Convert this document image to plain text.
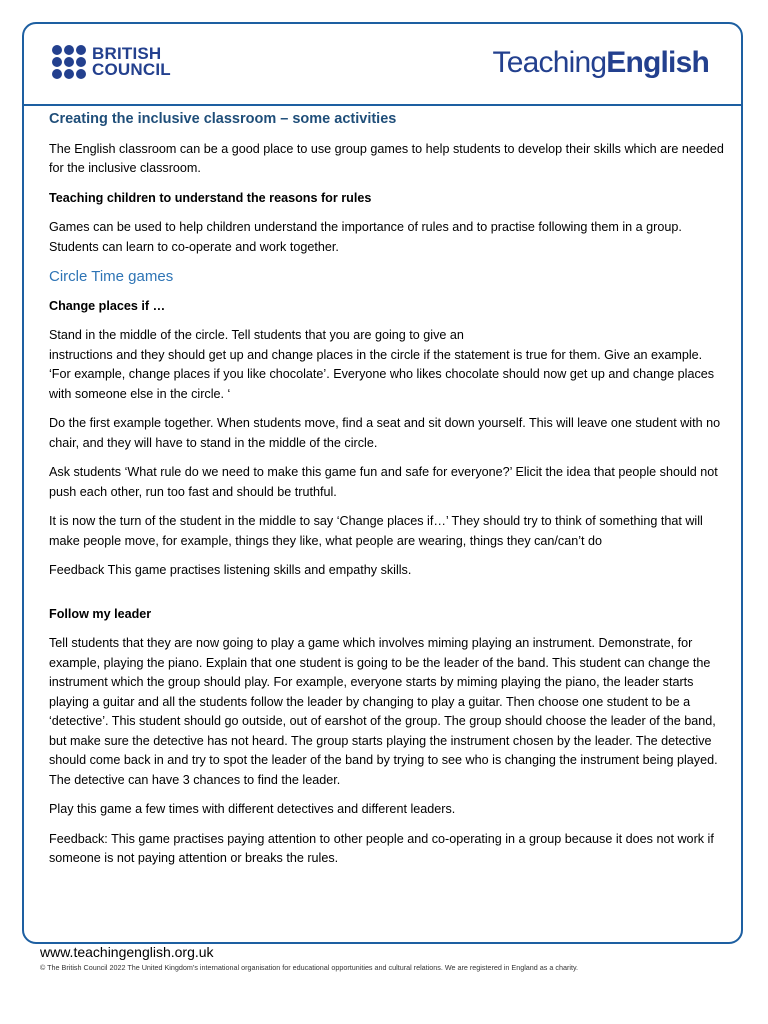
BRITISH
COUNCIL	TeachingEnglish

Creating the inclusive classroom – some activities

The English classroom can be a good place to use group games to help students to develop their skills which are needed for the inclusive classroom.

Teaching children to understand the reasons for rules

Games can be used to help children understand the importance of rules and to practise following them in a group. Students can learn to co-operate and work together.

Circle Time games

Change places if …

Stand in the middle of the circle. Tell students that you are going to give an
instructions and they should get up and change places in the circle if the statement is true for them. Give an example. ‘For example, change places if you like chocolate’. Everyone who likes chocolate should now get up and change places with someone else in the circle. ‘

Do the first example together. When students move, find a seat and sit down yourself. This will leave one student with no chair, and they will have to stand in the middle of the circle.

Ask students ‘What rule do we need to make this game fun and safe for everyone?’ Elicit the idea that people should not push each other, run too fast and should be truthful.

It is now the turn of the student in the middle to say ‘Change places if…’ They should try to think of something that will make people move, for example, things they like, what people are wearing, things they can/can’t do

Feedback This game practises listening skills and empathy skills.

Follow my leader

Tell students that they are now going to play a game which involves miming playing an instrument. Demonstrate, for example, playing the piano. Explain that one student is going to be the leader of the band. This student can change the instrument which the group should play. For example, everyone starts by miming playing the piano, the leader starts playing a guitar and all the students follow the leader by changing to play a guitar. Then choose one student to be a ‘detective’. This student should go outside, out of earshot of the group. The group should choose the leader of the band, but make sure the detective has not heard. The group starts playing the instrument chosen by the leader. The detective should come back in and try to spot the leader of the band by trying to see who is changing the instrument being played. The detective can have 3 chances to find the leader.

Play this game a few times with different detectives and different leaders.

Feedback: This game practises paying attention to other people and co-operating in a group because it does not work if someone is not paying attention or breaks the rules.

www.teachingenglish.org.uk
© The British Council 2022 The United Kingdom’s international organisation for educational opportunities and cultural relations. We are registered in England as a charity.
